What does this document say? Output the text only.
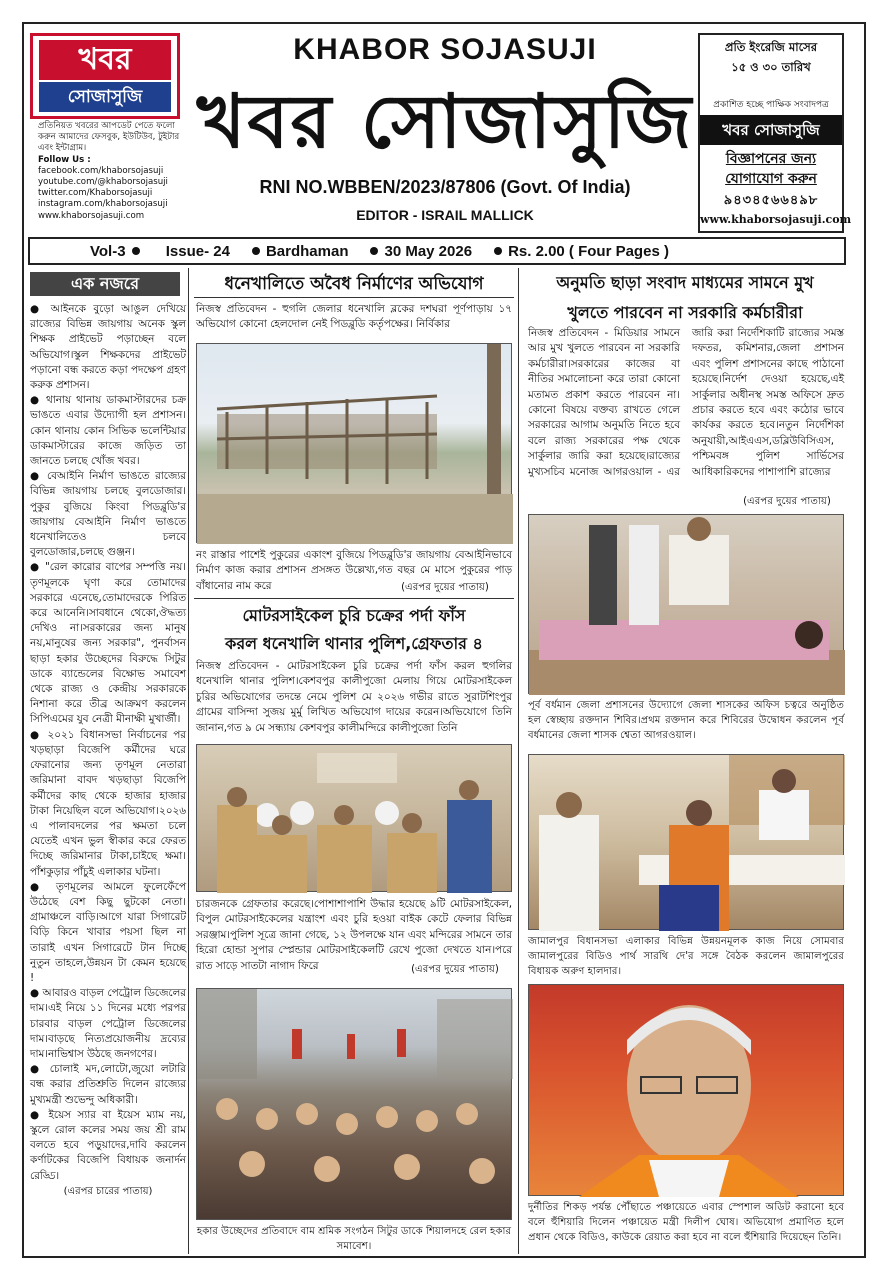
খবর
সোজাসুজি
প্রতিনিয়ত খবরের আপডেট পেতে ফলো করুন আমাদের ফেসবুক, ইউটিউব, টুইটার এবং ইন্টাগ্রাম।
Follow Us :
facebook.com/khaborsojasuji
youtube.com/@khaborsojasuji
twitter.com/Khaborsojasuji
instagram.com/khaborsojasuji
www.khaborsojasuji.com
KHABOR SOJASUJI
খবর সোজাসুজি
RNI NO.WBBEN/2023/87806 (Govt. Of India)
EDITOR - ISRAIL MALLICK
প্রতি ইংরেজি মাসের
১৫ ও ৩০ তারিখ
প্রকাশিত হচ্ছে পাক্ষিক সংবাদপত্র
খবর সোজাসুজি
বিজ্ঞাপনের জন্য
যোগাযোগ করুন
৯৪৩৪৫৬৬৪৯৮
www.khaborsojasuji.com
Vol-3	Issue- 24	Bardhaman	30 May 2026	Rs. 2.00 ( Four Pages )
এক নজরে

● আইনকে বুড়ো আঙুল দেখিয়ে রাজ্যের বিভিন্ন জায়গায় অনেক স্কুল শিক্ষক প্রাইভেট পড়াচ্ছেন বলে অভিযোগ।স্কুল শিক্ষকদের প্রাইভেট পড়ানো বন্ধ করতে কড়া পদক্ষেপ গ্রহণ করুক প্রশাসন।

● থানায় থানায় ডাকমাস্টারদের চক্র ভাঙতে এবার উদ্যোগী হল প্রশাসন।কোন থানায় কোন সিভিক ভলেন্টিয়ার ডাকমাস্টারের কাজে জড়িত তা জানতে চলছে খোঁজ খবর।

● বেআইনি নির্মাণ ভাঙতে রাজ্যের বিভিন্ন জায়গায় চলছে বুলডোজার।পুকুর বুজিয়ে কিংবা পিডব্লুডি'র জায়গায় বেআইনি নির্মাণ ভাঙতে ধনেখালিতেও চলবে বুলডোজার,চলছে গুঞ্জন।

● "রেল কারোর বাপের সম্পত্তি নয়।তৃণমূলকে ঘৃণা করে তোমাদের সরকারে এনেছে,তোমাদেরকে পিরিত করে আনেনি।সাবধানে থেকো,ঔদ্ধত্য দেখিও না।সরকারের জন্য মানুষ নয়,মানুষের জন্য সরকার", পুনর্বাসন ছাড়া হকার উচ্ছেদের বিরুদ্ধে সিটুর ডাকে ব্যান্ডেলের বিক্ষোভ সমাবেশ থেকে রাজ্য ও কেন্দ্রীয় সরকারকে নিশানা করে তীব্র আক্রমণ করলেন সিপিএমের যুব নেত্রী মীনাক্ষী মুখার্জী।

● ২০২১ বিধানসভা নির্বাচনের পর খড়ছাড়া বিজেপি কর্মীদের ঘরে ফেরানোর জন্য তৃণমূল নেতারা জরিমানা বাবদ খড়ছাড়া বিজেপি কর্মীদের কাছ থেকে হাজার হাজার টাকা নিয়েছিল বলে অভিযোগ।২০২৬ এ পালাবদলের পর ক্ষমতা চলে যেতেই এখন ভুল স্বীকার করে ফেরত দিচ্ছে জরিমানার টাকা,চাইছে ক্ষমা।পাঁশকুড়ার পাঁচুই এলাকার ঘটনা।

● তৃণমূলের আমলে ফুলেফেঁপে উঠেছে বেশ কিছু ছুটকো নেতা।গ্রামাঞ্চলে বাড়ি।আগে যারা সিগারেট বিড়ি কিনে খাবার পয়সা ছিল না তারাই এখন সিগারেটে টান দিচ্ছে নুতুন তাহলে,উন্নয়ন টা কেমন হয়েছে !

● আবারও বাড়ল পেট্রোল ডিজেলের দাম।এই নিয়ে ১১ দিনের মধ্যে পরপর চারবার বাড়ল পেট্রোল ডিজেলের দাম।বাড়ছে নিত্যপ্রয়োজনীয় দ্রব্যের দাম।নাভিশ্বাস উঠছে জনগণের।

● চোলাই মদ,লোটো,জুয়ো লটারি বন্ধ করার প্রতিশ্রুতি দিলেন রাজ্যের মুখ্যমন্ত্রী শুভেন্দু অধিকারী।

● ইয়েস স্যার বা ইয়েস ম্যাম নয়, স্কুলে রোল কলের সময় জয় শ্রী রাম বলতে হবে পড়ুয়াদের,দাবি করলেন কর্ণাটকের বিজেপি বিধায়ক জনার্দন রেড্ডি।

(এরপর চারের পাতায়)

ধনেখালিতে অবৈধ নির্মাণের অভিযোগ
নিজস্ব প্রতিবেদন - হুগলি জেলার ধনেখালি ব্লকের দশঘরা পূর্ণপাড়ায় ১৭ অভিযোগ কোনো হেলদোল নেই পিডব্লুডি কর্তৃপক্ষের। নির্বিকার
নং রাস্তার পাশেই পুকুরের একাংশ বুজিয়ে পিডব্লুডি'র জায়গায় বেআইনিভাবে নির্মাণ কাজ করার প্রশাসন প্রসঙ্গত উল্লেখ্য,গত বছর মে মাসে পুকুরের পাড় বাঁধানোর নাম করে	(এরপর দুয়ের পাতায়)
মোটরসাইকেল চুরি চক্রের পর্দা ফাঁস
করল ধনেখালি থানার পুলিশ,গ্রেফতার ৪
নিজস্ব প্রতিবেদন - মোটরসাইকেল চুরি চক্রের পর্দা ফাঁস করল হুগলির ধনেখালি থানার পুলিশ।কেশবপুর কালীপুজো মেলায় গিয়ে মোটরসাইকেল চুরির অভিযোগের তদন্তে নেমে পুলিশ মে ২০২৬ গভীর রাতে সুরাটশিংপুর গ্রামের বাসিন্দা সুজয় মুর্মু লিখিত অভিযোগ দায়ের করেন।অভিযোগে তিনি জানান,গত ৯ মে সন্ধ্যায় কেশবপুর কালীমন্দিরে কালীপুজো তিনি
চারজনকে গ্রেফতার করেছে।পোশাশাপাশি উদ্ধার হয়েছে ৯টি মোটরসাইকেল, বিপুল মোটরসাইকেলের যন্ত্রাংশ এবং চুরি হওয়া বাইক কেটে ফেলার বিভিন্ন সরঞ্জাম।পুলিশ সূত্রে জানা গেছে, ১২ উপলক্ষে যান এবং মন্দিরের সামনে তার হিরো হোন্ডা সুপার স্প্লেন্ডার মোটরসাইকেলটি রেখে পুজো দেখতে যান।পরে রাত সাড়ে সাতটা নাগাদ ফিরে	(এরপর দুয়ের পাতায়)
হকার উচ্ছেদের প্রতিবাদে বাম শ্রমিক সংগঠন সিটুর ডাকে শিয়ালদহে রেল হকার সমাবেশ।
অনুমতি ছাড়া সংবাদ মাধ্যমের সামনে মুখ
খুলতে পারবেন না সরকারি কর্মচারীরা
নিজস্ব প্রতিবেদন - মিডিয়ার সামনে আর মুখ খুলতে পারবেন না সরকারি কর্মচারীরা।সরকারের কাজের বা নীতির সমালোচনা করে তারা কোনো মতামত প্রকাশ করতে পারবেন না।কোনো বিষয়ে বক্তব্য রাখতে গেলে সরকারের আগাম অনুমতি নিতে হবে বলে রাজ্য সরকারের পক্ষ থেকে সার্কুলার জারি করা হয়েছে।রাজ্যের মুখ্যসচিব মনোজ আগরওয়াল - এর জারি করা নির্দেশিকাটি রাজ্যের সমস্ত দফতর, কমিশনার,জেলা প্রশাসন এবং পুলিশ প্রশাসনের কাছে পাঠানো হয়েছে।নির্দেশ দেওয়া হয়েছে,এই সার্কুলার অধীনস্থ সমস্ত অফিসে দ্রুত প্রচার করতে হবে এবং কঠোর ভাবে কার্যকর করতে হবে।নতুন নির্দেশিকা অনুযায়ী,আইএএস,ডব্লিউবিসিএস, পশ্চিমবঙ্গ পুলিশ সার্ভিসের আধিকারিকদের পাশাপাশি রাজ্যের
(এরপর দুয়ের পাতায়)
পূর্ব বর্ধমান জেলা প্রশাসনের উদ্যোগে জেলা শাসকের অফিস চত্বরে অনুষ্ঠিত হল স্বেচ্ছায় রক্তদান শিবির।প্রথম রক্তদান করে শিবিরের উদ্বোধন করলেন পূর্ব বর্ধমানের জেলা শাসক শ্বেতা আগরওয়াল।
জামালপুর বিধানসভা এলাকার বিভিন্ন উন্নয়নমূলক কাজ নিয়ে সোমবার জামালপুরের বিডিও পার্থ সারথি দে'র সঙ্গে বৈঠক করলেন জামালপুরের বিধায়ক অরুণ হালদার।
দুর্নীতির শিকড় পর্যন্ত পৌঁছাতে পঞ্চায়েতে এবার স্পেশাল অডিট করানো হবে বলে হুঁশিয়ারি দিলেন পঞ্চায়েত মন্ত্রী দিলীপ ঘোষ। অভিযোগ প্রমাণিত হলে প্রধান থেকে বিডিও, কাউকে রেয়াত করা হবে না বলে হুঁশিয়ারি দিয়েছেন তিনি।
